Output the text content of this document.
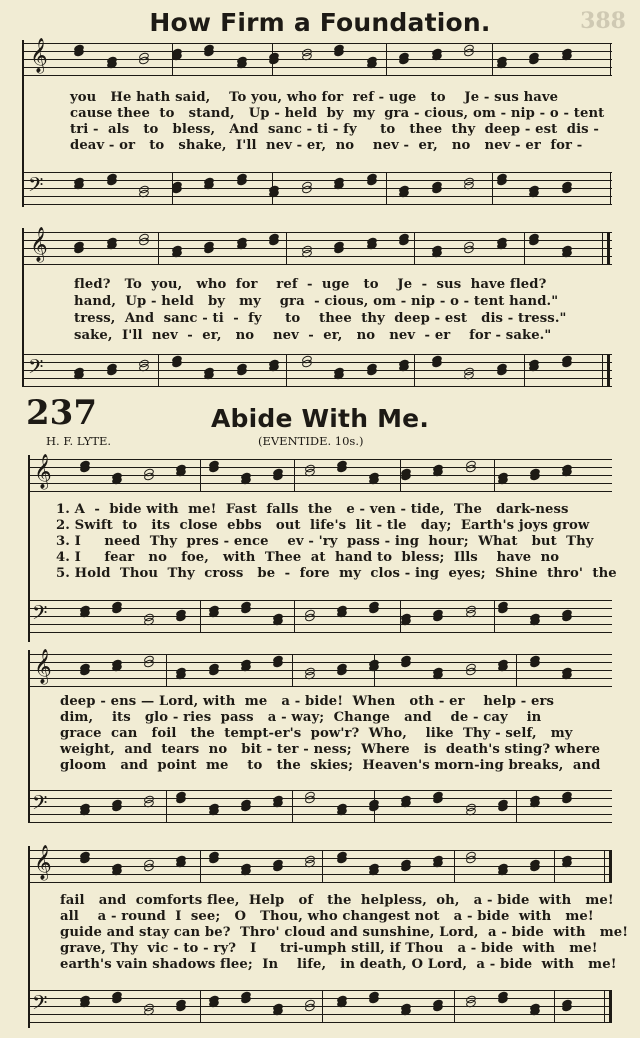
388
How Firm a Foundation.
𝄞
you   He hath said,    To you, who for  ref - uge   to    Je - sus have
cause thee  to   stand,   Up - held  by  my  gra - cious, om - nip - o - tent
tri -  als   to   bless,   And  sanc - ti - fy     to   thee  thy  deep - est  dis -
deav - or   to   shake,  I'll  nev - er,  no    nev -  er,   no   nev - er  for -
𝄢
𝄞
fled?   To  you,   who  for    ref  -  uge   to    Je  -  sus  have fled?
hand,  Up - held   by   my    gra  - cious, om - nip - o - tent hand."
tress,  And  sanc - ti  -  fy     to    thee  thy  deep - est   dis - tress."
sake,  I'll  nev  -  er,   no    nev  -  er,   no   nev  - er    for - sake."
𝄢
237	Abide With Me.
H. F. LYTE.	(EVENTIDE. 10s.)
𝄞
1. A  -  bide with  me!  Fast  falls  the   e - ven - tide,  The   dark-ness
2. Swift  to   its  close  ebbs   out  life's  lit - tle   day;  Earth's joys grow
3. I     need  Thy  pres - ence    ev - 'ry  pass - ing  hour;  What   but  Thy
4. I     fear   no   foe,   with  Thee  at  hand to  bless;  Ills    have  no
5. Hold  Thou  Thy  cross   be  -  fore  my  clos - ing  eyes;  Shine  thro'  the
𝄢
𝄞
deep - ens — Lord, with  me   a - bide!  When   oth - er    help - ers
dim,    its   glo - ries  pass   a - way;  Change   and    de - cay    in
grace  can   foil   the  tempt-er's  pow'r?  Who,    like  Thy - self,   my
weight,  and  tears  no   bit - ter - ness;  Where   is  death's sting? where
gloom   and  point  me    to   the  skies;  Heaven's morn-ing breaks,  and
𝄢
𝄞
fail   and  comforts flee,  Help   of   the  helpless,  oh,   a - bide  with   me!
all    a - round  I  see;   O   Thou, who changest not   a - bide  with   me!
guide and stay can be?  Thro' cloud and sunshine, Lord,  a - bide  with   me!
grave, Thy  vic - to - ry?   I     tri-umph still, if Thou   a - bide  with   me!
earth's vain shadows flee;  In    life,   in death, O Lord,  a - bide  with   me!
𝄢
